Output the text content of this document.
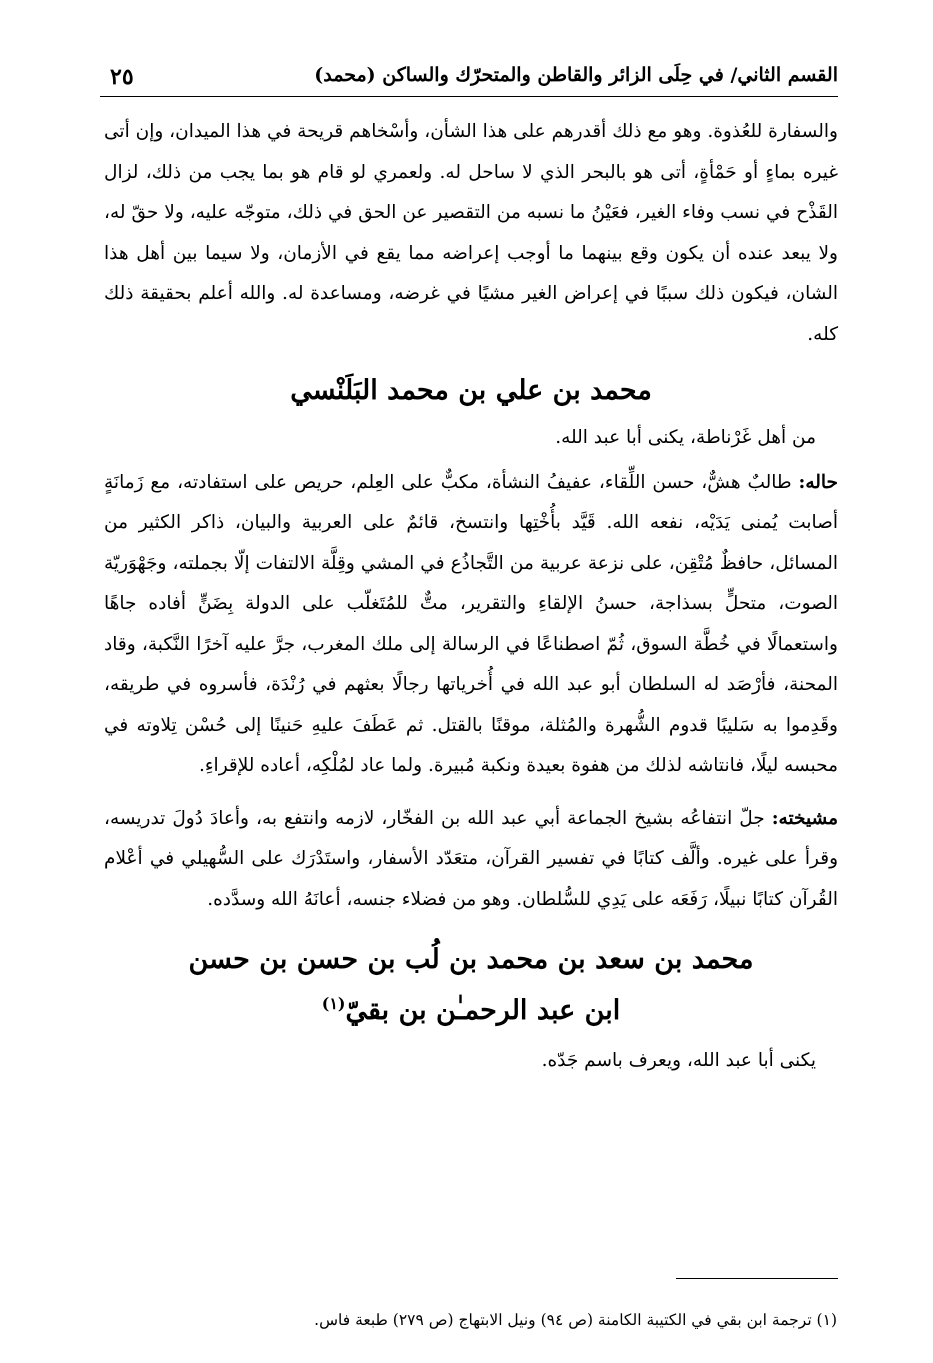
القسم الثاني/ في حِلَى الزائر والقاطن والمتحرّك والساكن (محمد)
٢٥

والسفارة للعُذوة. وهو مع ذلك أقدرهم على هذا الشأن، وأسْخاهم قريحة في هذا الميدان، وإن أتى غيره بماءٍ أو حَمْأةٍ، أتى هو بالبحر الذي لا ساحل له. ولعمري لو قام هو بما يجب من ذلك، لزال القَذْح في نسب وفاء الغير، فعَيْنُ ما نسبه من التقصير عن الحق في ذلك، متوجّه عليه، ولا حقّ له، ولا يبعد عنده أن يكون وقع بينهما ما أوجب إعراضه مما يقع في الأزمان، ولا سيما بين أهل هذا الشان، فيكون ذلك سببًا في إعراض الغير مشيًا في غرضه، ومساعدة له. والله أعلم بحقيقة ذلك كله.

محمد بن علي بن محمد البَلَنْسي

من أهل غَرْناطة، يكنى أبا عبد الله.

حاله: طالبٌ هشٌّ، حسن اللِّقاء، عفيفُ النشأة، مكبٌّ على العِلم، حريص على استفادته، مع زَمانَةٍ أصابت يُمنى يَدَيْه، نفعه الله. قَيَّد بأُخْتِها وانتسخ، قائمٌ على العربية والبيان، ذاكر الكثير من المسائل، حافظٌ مُتْقِن، على نزعة عربية من التَّجاذُع في المشي وقِلَّة الالتفات إلّا بجملته، وجَهْوَريّة الصوت، متحلٍّ بسذاجة، حسنُ الإلقاءِ والتقرير، متٌّ للمُتَغلّب على الدولة بِضَنٍّ أفاده جاهًا واستعمالًا في خُطَّة السوق، ثُمّ اصطناعًا في الرسالة إلى ملك المغرب، جرَّ عليه آخرًا النَّكبة، وقاد المحنة، فأرْصَد له السلطان أبو عبد الله في أُخرياتها رجالًا بعثهم في رُنْدَة، فأسروه في طريقه، وقَدِموا به سَليبًا قدوم الشُّهرة والمُثلة، موقنًا بالقتل. ثم عَطَفَ عليهِ حَنينًا إلى حُسْن تِلاوته في محبسه ليلًا، فانتاشه لذلك من هفوة بعيدة ونكبة مُبيرة. ولما عاد لمُلْكِه، أعاده للإقراءِ.

مشيخته: جلّ انتفاعُه بشيخ الجماعة أبي عبد الله بن الفخّار، لازمه وانتفع به، وأعادَ دُولَ تدريسه، وقرأ على غيره. وألَّف كتابًا في تفسير القرآن، متعَدّد الأسفار، واستَدْرَك على السُّهيلي في أعْلام القُرآن كتابًا نبيلًا، رَفَعَه على يَدِي للسُّلطان. وهو من فضلاء جنسه، أعانَهُ الله وسدَّده.

محمد بن سعد بن محمد بن لُب بن حسن بن حسن
ابن عبد الرحمـٰن بن بقيّ$^{(١)}$

يكنى أبا عبد الله، ويعرف باسم جَدّه.

(١) ترجمة ابن بقي في الكتيبة الكامنة (ص ٩٤) ونيل الابتهاج (ص ٢٧٩) طبعة فاس.
